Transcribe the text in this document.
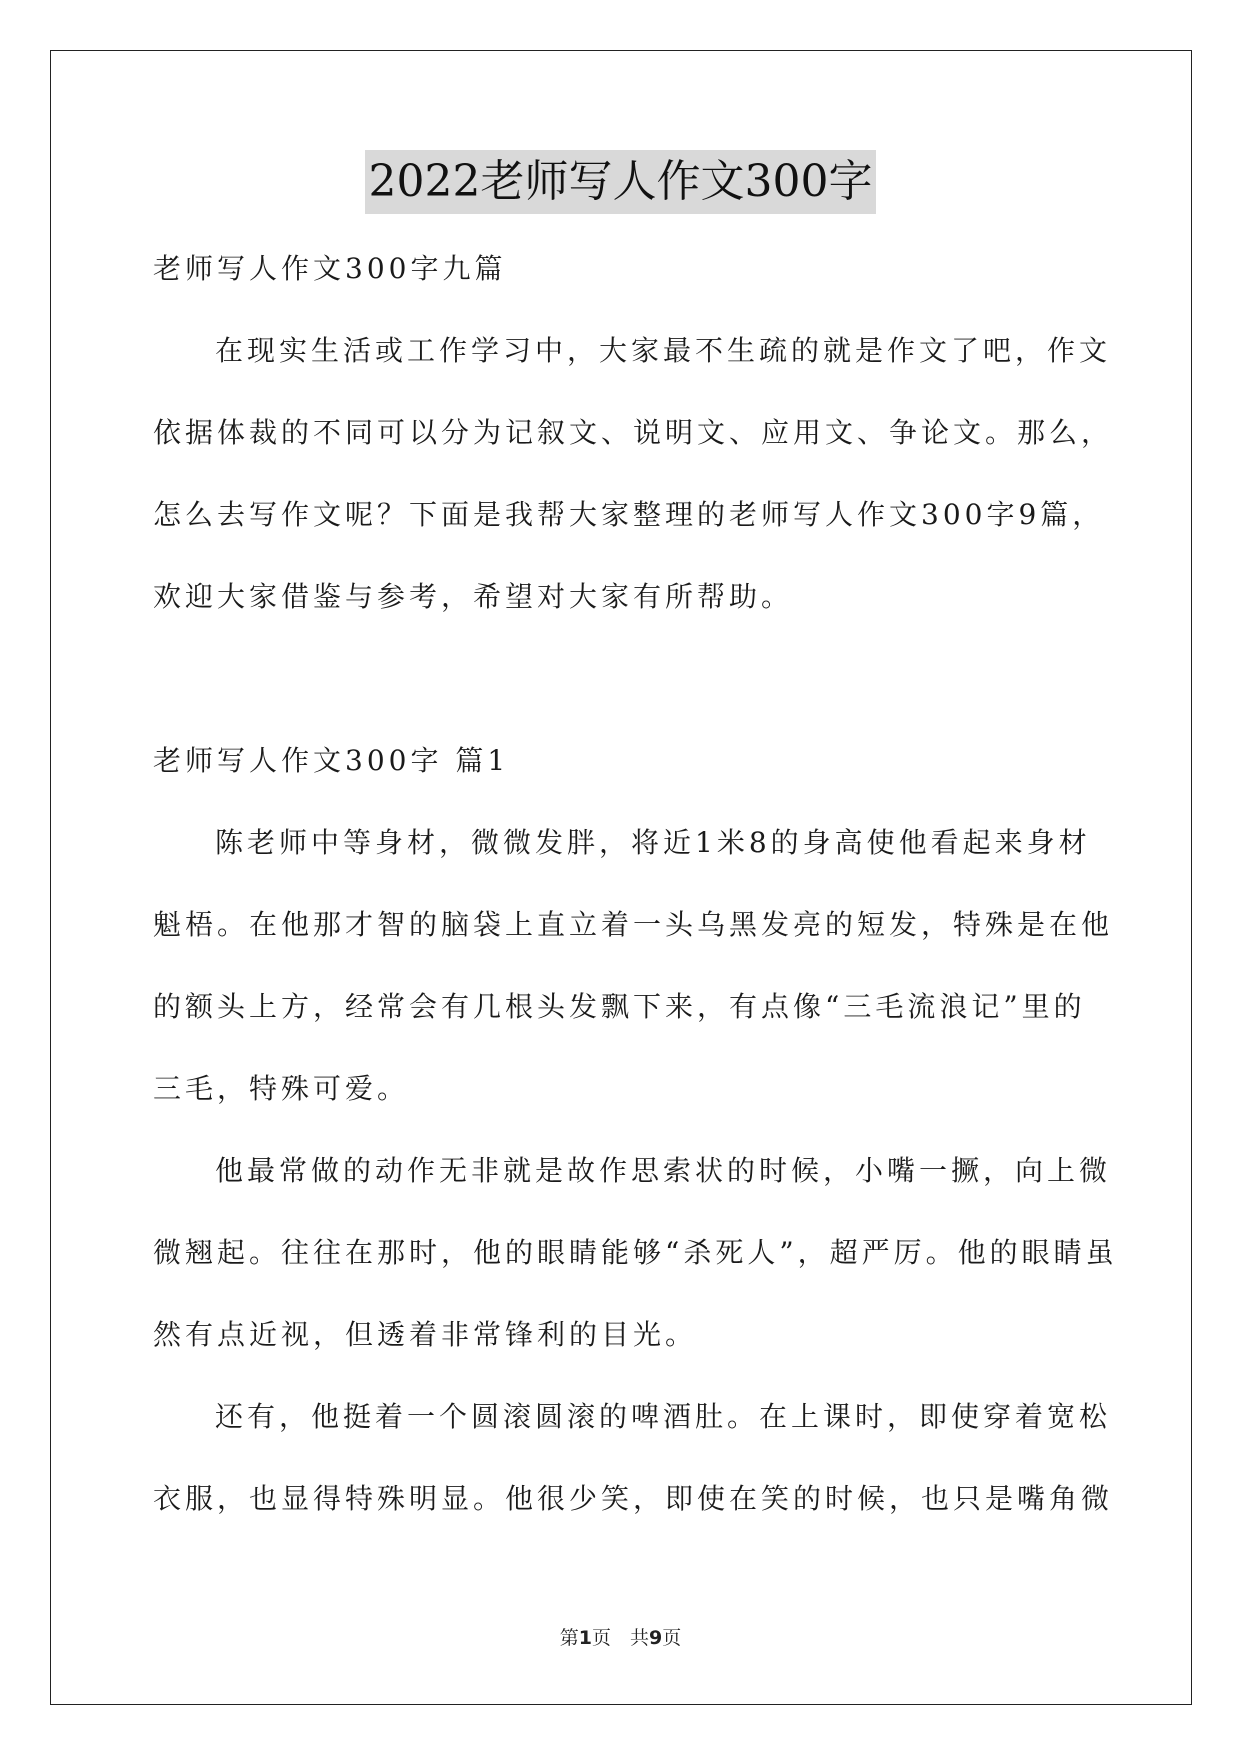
2022老师写人作文300字
老师写人作文300字九篇
在现实生活或工作学习中，大家最不生疏的就是作文了吧，作文
依据体裁的不同可以分为记叙文、说明文、应用文、争论文。那么，
怎么去写作文呢？下面是我帮大家整理的老师写人作文300字9篇，
欢迎大家借鉴与参考，希望对大家有所帮助。
老师写人作文300字 篇1
陈老师中等身材，微微发胖，将近1米8的身高使他看起来身材
魁梧。在他那才智的脑袋上直立着一头乌黑发亮的短发，特殊是在他
的额头上方，经常会有几根头发飘下来，有点像“三毛流浪记”里的
三毛，特殊可爱。
他最常做的动作无非就是故作思索状的时候，小嘴一撅，向上微
微翘起。往往在那时，他的眼睛能够“杀死人”，超严厉。他的眼睛虽
然有点近视，但透着非常锋利的目光。
还有，他挺着一个圆滚圆滚的啤酒肚。在上课时，即使穿着宽松
衣服，也显得特殊明显。他很少笑，即使在笑的时候，也只是嘴角微
第1页　共9页
